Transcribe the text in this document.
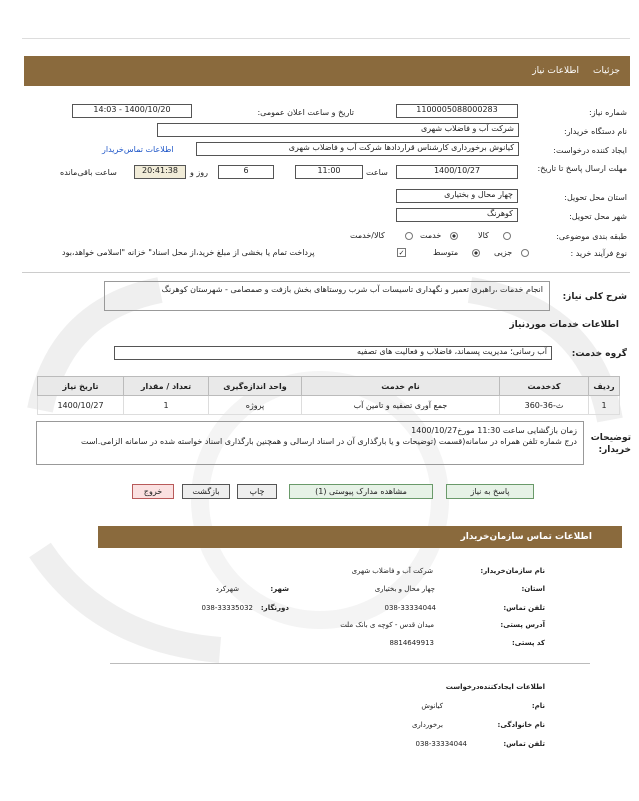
جزئیات
اطلاعات نیاز
شماره نیاز:
1100005088000283
تاریخ و ساعت اعلان عمومی:
1400/10/20 - 14:03
نام دستگاه خریدار:
شرکت آب و فاضلاب شهری
ایجاد کننده درخواست:
کیانوش برخورداری کارشناس قراردادها شرکت آب و فاضلاب شهری
اطلاعات تماس‌خریدار
مهلت ارسال پاسخ تا تاریخ:
1400/10/27
ساعت
11:00
6
روز و
20:41:38
ساعت باقی‌مانده
استان محل تحویل:
چهار محال و بختیاری
شهر محل تحویل:
کوهرنگ
طبقه بندی موضوعی:
کالا
خدمت
کالا/خدمت
نوع فرآیند خرید :
جزیی
متوسط
✓
پرداخت تمام یا بخشی از مبلغ خرید،از محل اسناد" خزانه "اسلامی خواهد،بود
شرح کلی نیاز:
انجام خدمات ،راهبری تعمیر و نگهداری تاسیسات آب شرب روستاهای بخش بازفت و صمصامی - شهرستان کوهرنگ
اطلاعات خدمات موردنیاز
گروه خدمت:
آب رسانی؛ مدیریت پسماند، فاضلاب و فعالیت های تصفیه
ردیف	کدخدمت	نام خدمت	واحد اندازه‌گیری	تعداد / مقدار	تاریخ نیاز
1	ث-36-360	جمع آوری تصفیه و تامین آب	پروژه	1	1400/10/27
توضیحات خریدار:
زمان بازگشایی ساعت 11:30 مورخ1400/10/27
درج شماره تلفن همراه در سامانه(قسمت (توضیحات و یا بارگذاری آن در اسناد ارسالی و همچنین بارگذاری اسناد خواسته شده در سامانه الزامی.است
پاسخ به نیاز
مشاهده مدارک پیوستی (1)
چاپ
بازگشت
خروج
اطلاعات تماس سازمان‌خریدار
نام سازمان‌خریدار:
شرکت آب و فاضلاب شهری
استان:
چهار محال و بختیاری
شهر:
شهرکرد
تلفن تماس:
038-33334044
دورنگار:
038-33335032
آدرس پستی:
میدان قدس - کوچه ی بانک ملت
کد پستی:
8814649913
اطلاعات ایجادکننده‌درخواست
نام:
کیانوش
نام خانوادگی:
برخورداری
تلفن تماس:
038-33334044
